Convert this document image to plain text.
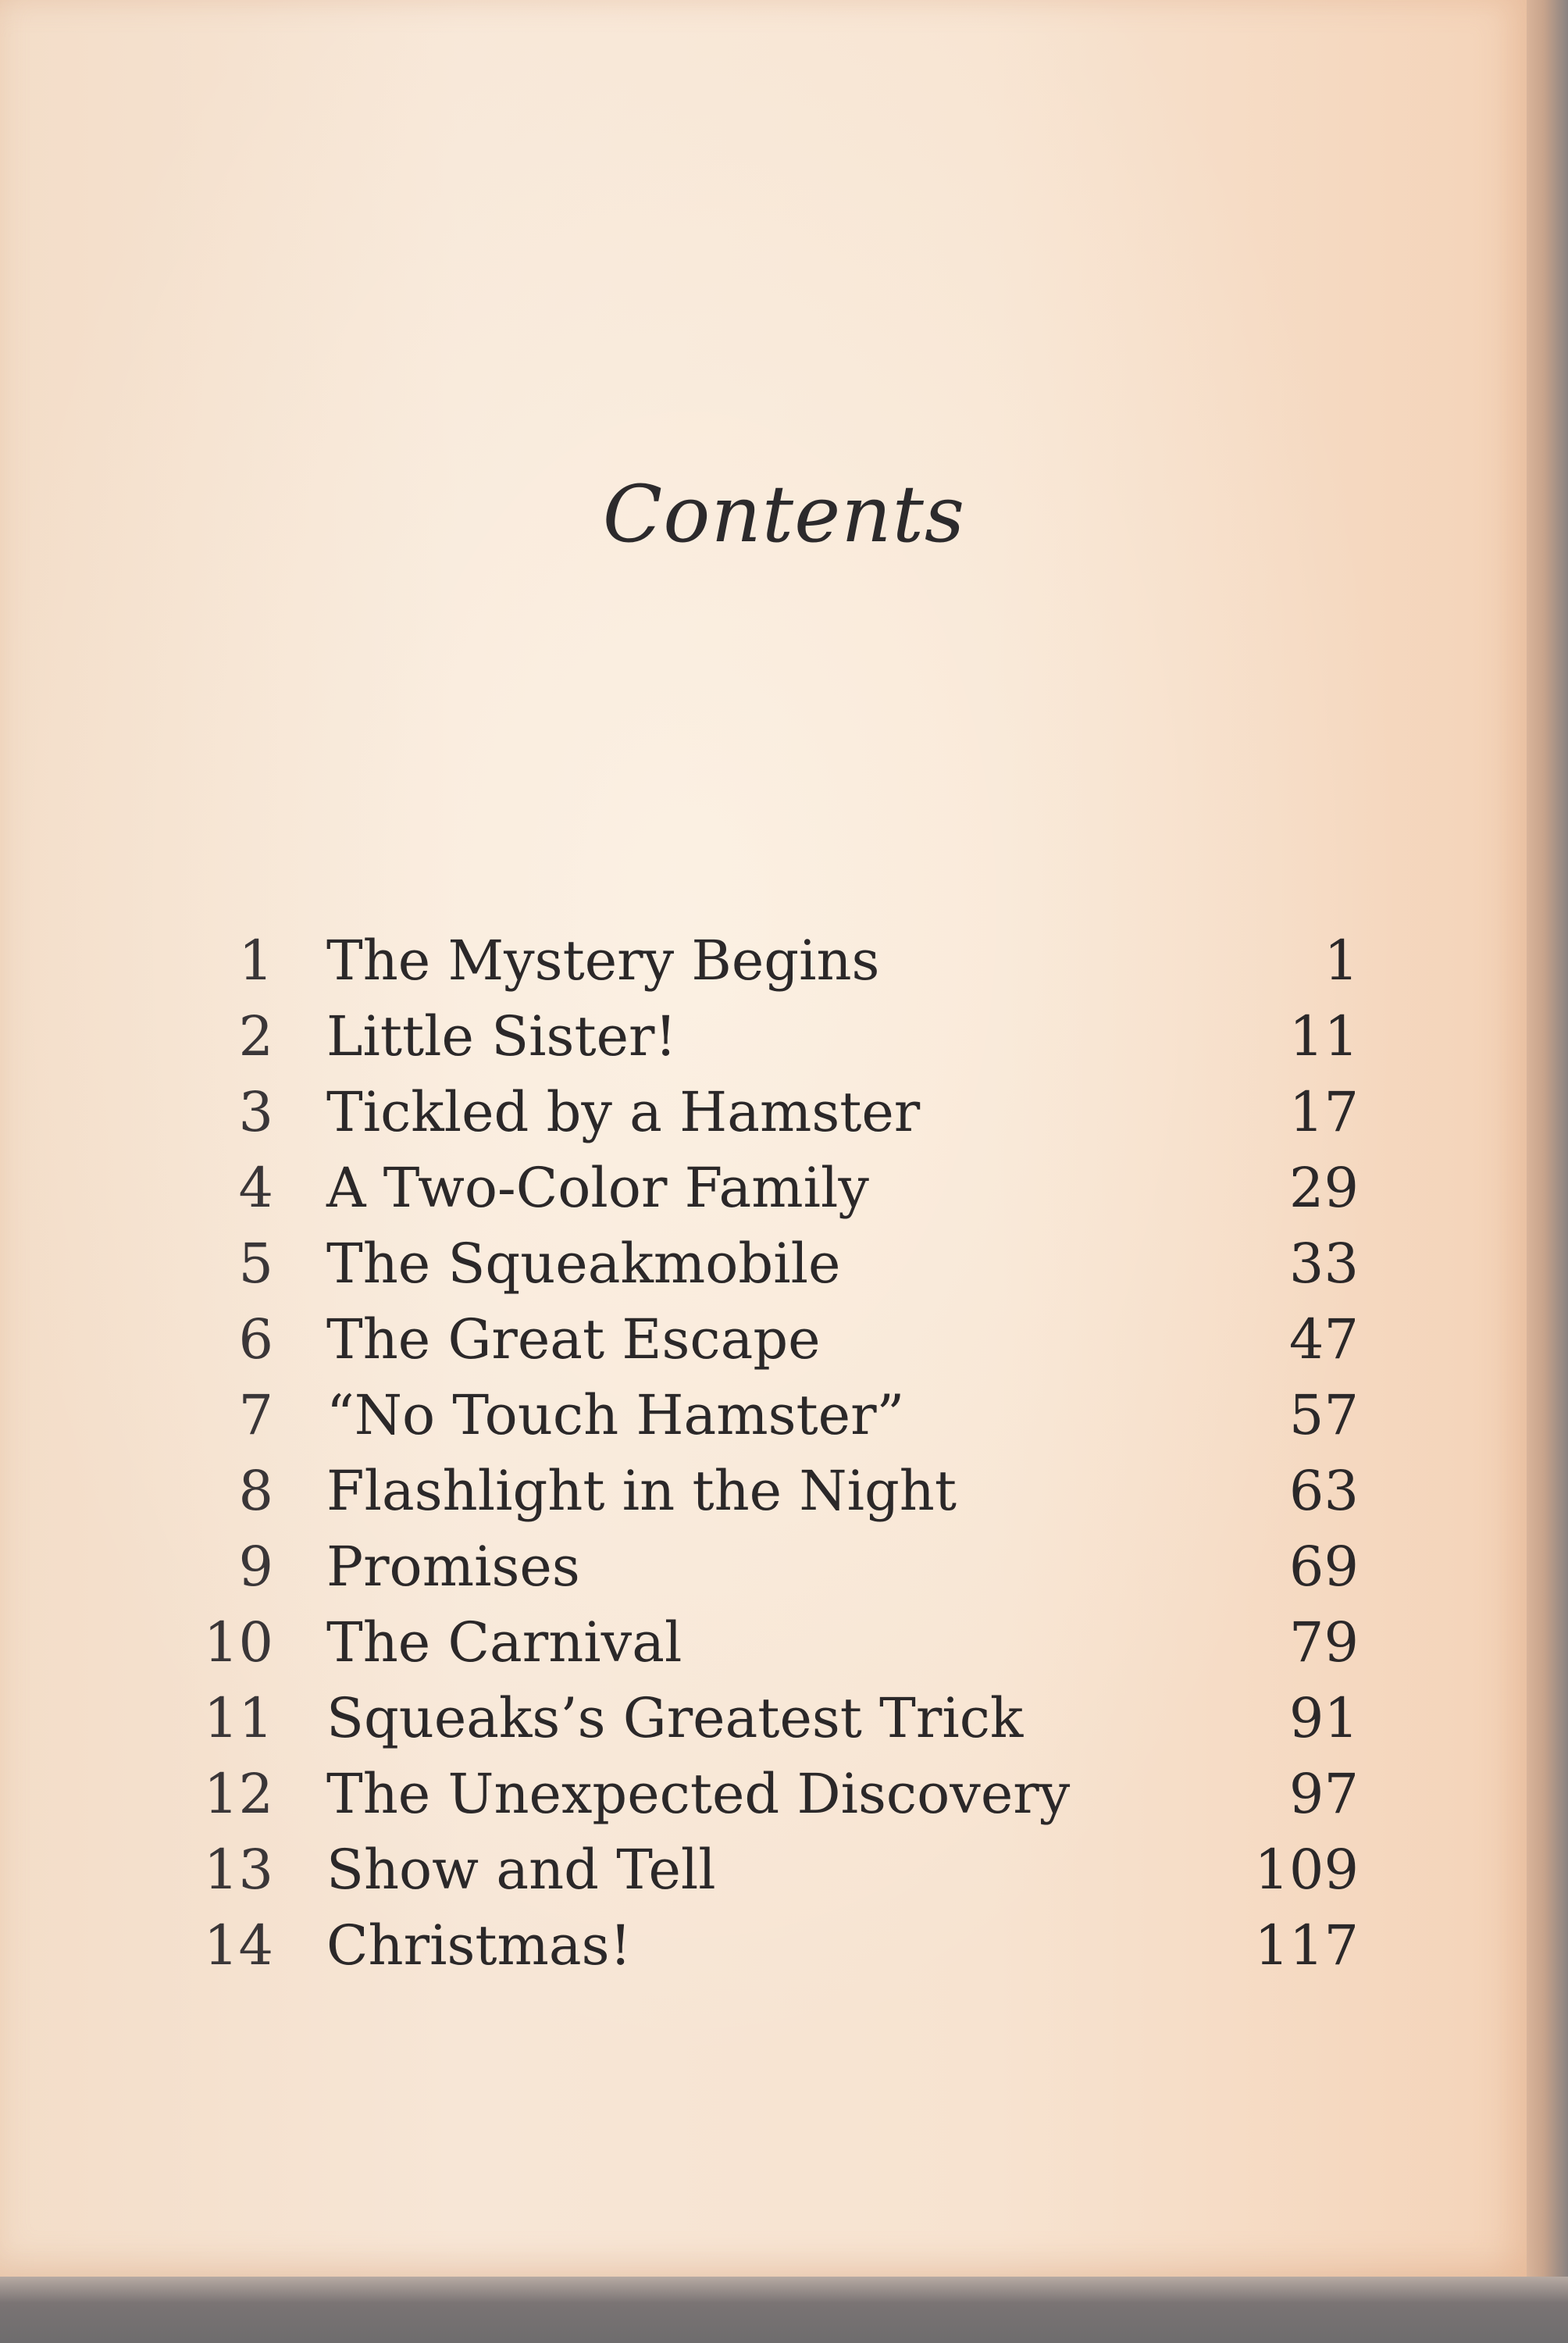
Contents
1 The Mystery Begins	1
2 Little Sister!	11
3 Tickled by a Hamster	17
4 A Two-Color Family	29
5 The Squeakmobile	33
6 The Great Escape	47
7 “No Touch Hamster”	57
8 Flashlight in the Night	63
9 Promises	69
10 The Carnival	79
11 Squeaks’s Greatest Trick	91
12 The Unexpected Discovery	97
13 Show and Tell	109
14 Christmas!	117
